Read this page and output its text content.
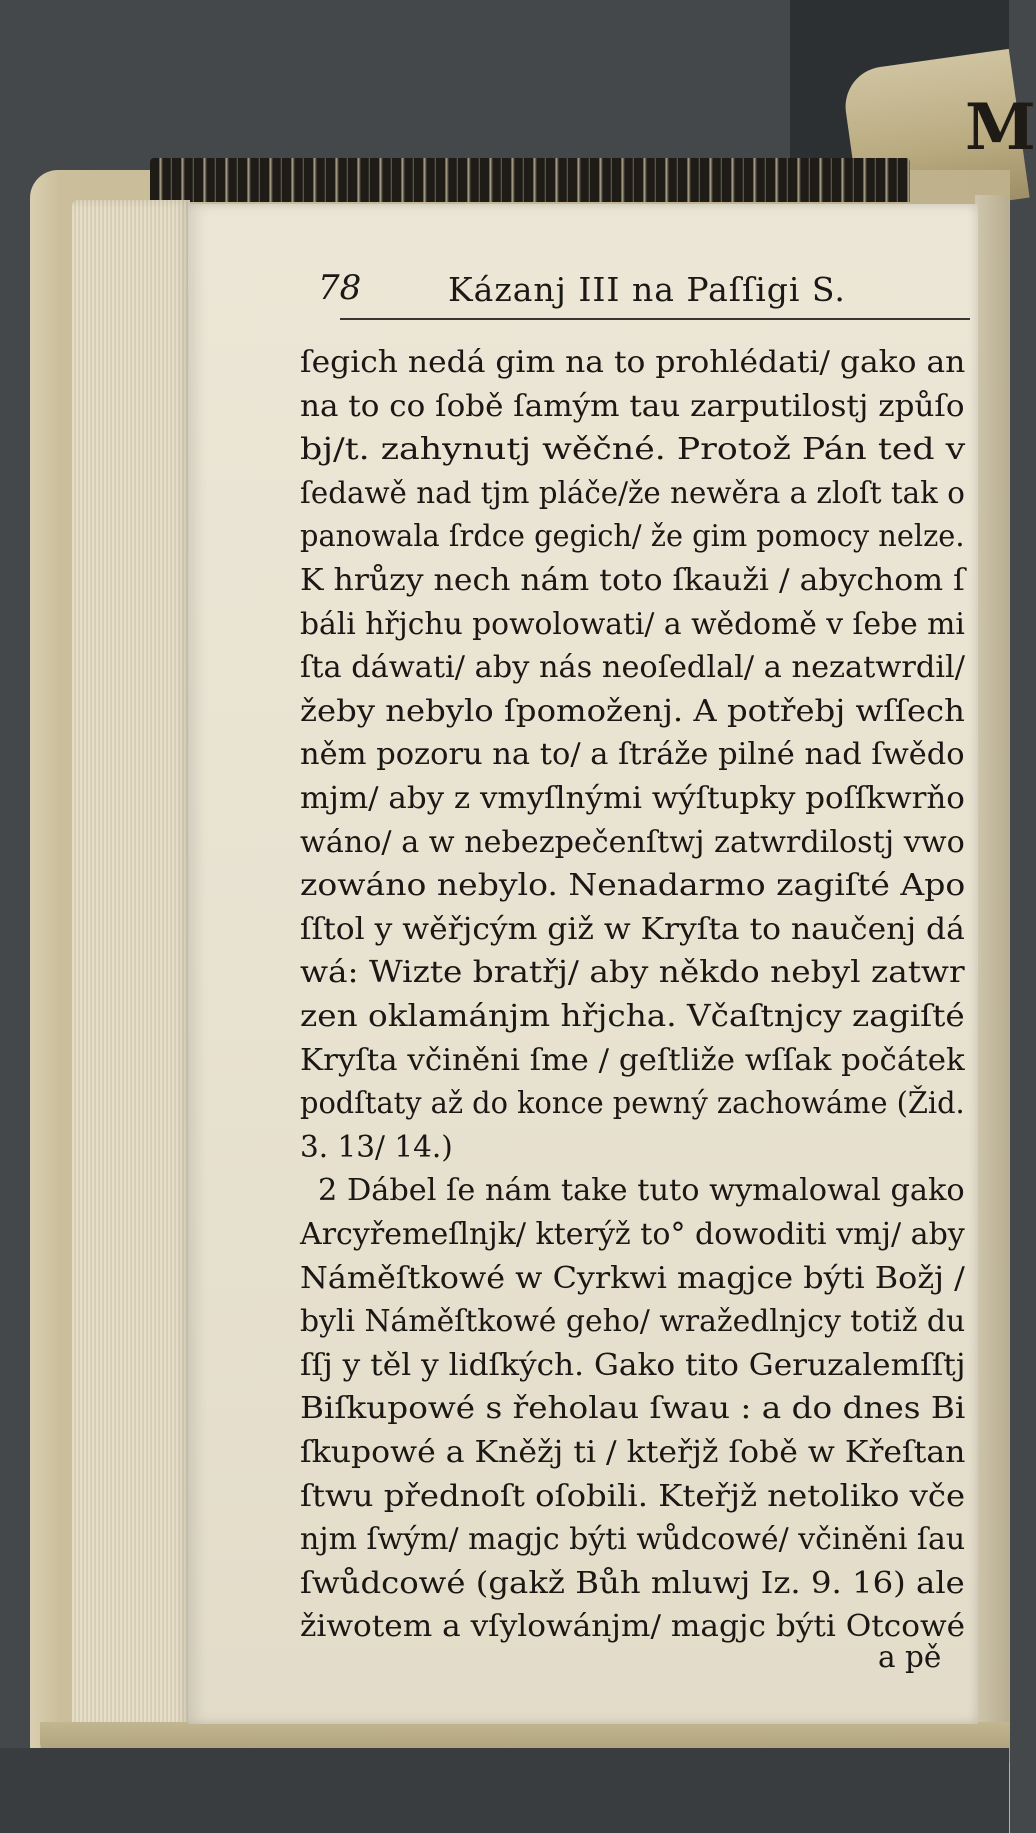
M
78	Kázanj III na Paſſigi S.
ſegich nedá gim na to prohlédati/ gako an
na to co ſobě ſamým tau zarputilostj způſo
bj/t. zahynutj wěčné. Protož Pán ted v
ſedawě nad tjm pláče/že newěra a zloſt tak o
panowala ſrdce gegich/ že gim pomocy nelze.
K hrůzy nech nám toto ſkauži / abychom ſ
báli hřjchu powolowati/ a wědomě v ſebe mi
ſta dáwati/ aby nás neoſedlal/ a nezatwrdil/
žeby nebylo ſpomoženj. A potřebj wſſech
něm pozoru na to/ a ſtráže pilné nad ſwědo
mjm/ aby z vmyſlnými wýſtupky poſſkwrňo
wáno/ a w nebezpečenſtwj zatwrdilostj vwo
zowáno nebylo. Nenadarmo zagiſté Apo
ſſtol y wěřjcým giž w Kryſta to naučenj dá
wá: Wizte bratřj/ aby někdo nebyl zatwr
zen oklamánjm hřjcha. Včaſtnjcy zagiſté
Kryſta včiněni ſme / geſtliže wſſak počátek
podſtaty až do konce pewný zachowáme (Žid.
3. 13/ 14.)
2 Dábel ſe nám take tuto wymalowal gako
Arcyřemeſlnjk/ kterýž to° dowoditi vmj/ aby
Náměſtkowé w Cyrkwi magjce býti Božj /
byli Náměſtkowé geho/ wražedlnjcy totiž du
ſſj y těl y lidſkých. Gako tito Geruzalemſſtj
Biſkupowé s řeholau ſwau : a do dnes Bi
ſkupowé a Kněžj ti / kteřjž ſobě w Křeſtan
ſtwu přednoſt oſobili. Kteřjž netoliko vče
njm ſwým/ magjc býti wůdcowé/ včiněni ſau
ſwůdcowé (gakž Bůh mluwj Iz. 9. 16) ale
žiwotem a vſylowánjm/ magjc býti Otcowé
a pě
